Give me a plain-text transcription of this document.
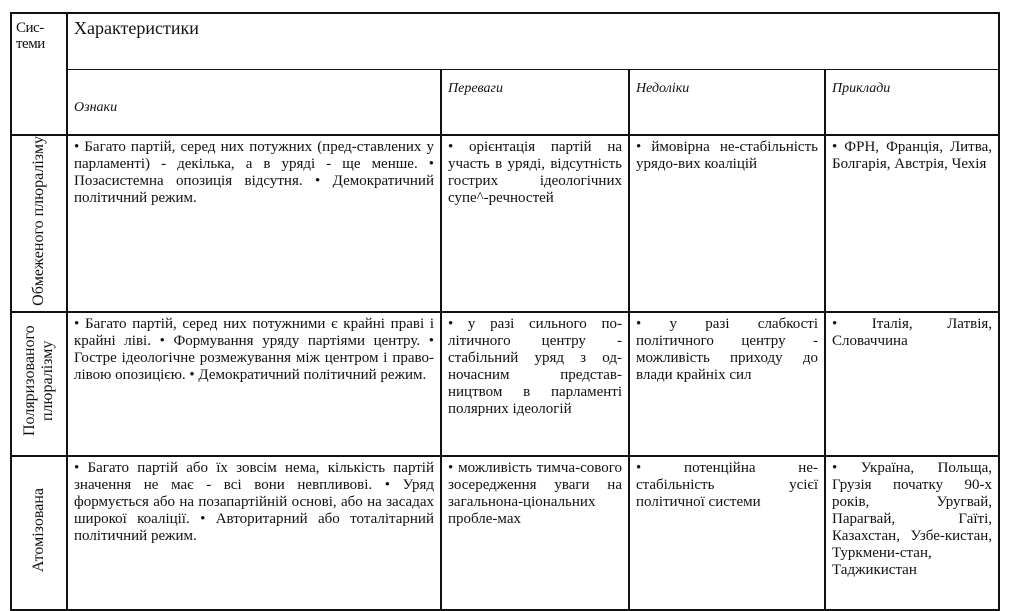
Сис-
теми	Характеристики			
	Ознаки	Переваги	Недоліки	Приклади
Обмеженого плюралізму	• Багато партій, серед них потужних (пред-ставлених у парламенті) - декілька, а в уряді - ще менше. • Позасистемна опозиція відсутня. • Демократичний політичний режим.	• орієнтація партій на участь в уряді, відсутність гострих ідеологічних супе^-речностей	• ймовірна не-стабільність урядо-вих коаліцій	• ФРН, Франція, Литва, Болгарія, Австрія, Чехія
Поляризованого плюралізму	• Багато партій, серед них потужними є крайні праві і крайні ліві. • Формування уряду партіями центру. • Гостре ідеологічне розмежування між центром і право-лівою опозицією. • Демократичний політичний режим.	• у разі сильного по-літичного центру - стабільний уряд з од-ночасним представ-ництвом в парламенті полярних ідеологій	• у разі слабкості політичного центру - можливість приходу до влади крайніх сил	• Італія, Латвія, Словаччина
Атомізована	• Багато партій або їх зовсім нема, кількість партій значення не має - всі вони невпливові. • Уряд формується або на позапартійній основі, або на засадах широкої коаліції. • Авторитарний або тоталітарний політичний режим.	• можливість тимча-сового зосередження уваги на загальнона-ціональних пробле-мах	• потенційна не-стабільність усієї політичної системи	• Україна, Польща, Грузія початку 90-х років, Уругвай, Парагвай, Гаїті, Казахстан, Узбе-кистан, Туркмени-стан, Таджикистан
